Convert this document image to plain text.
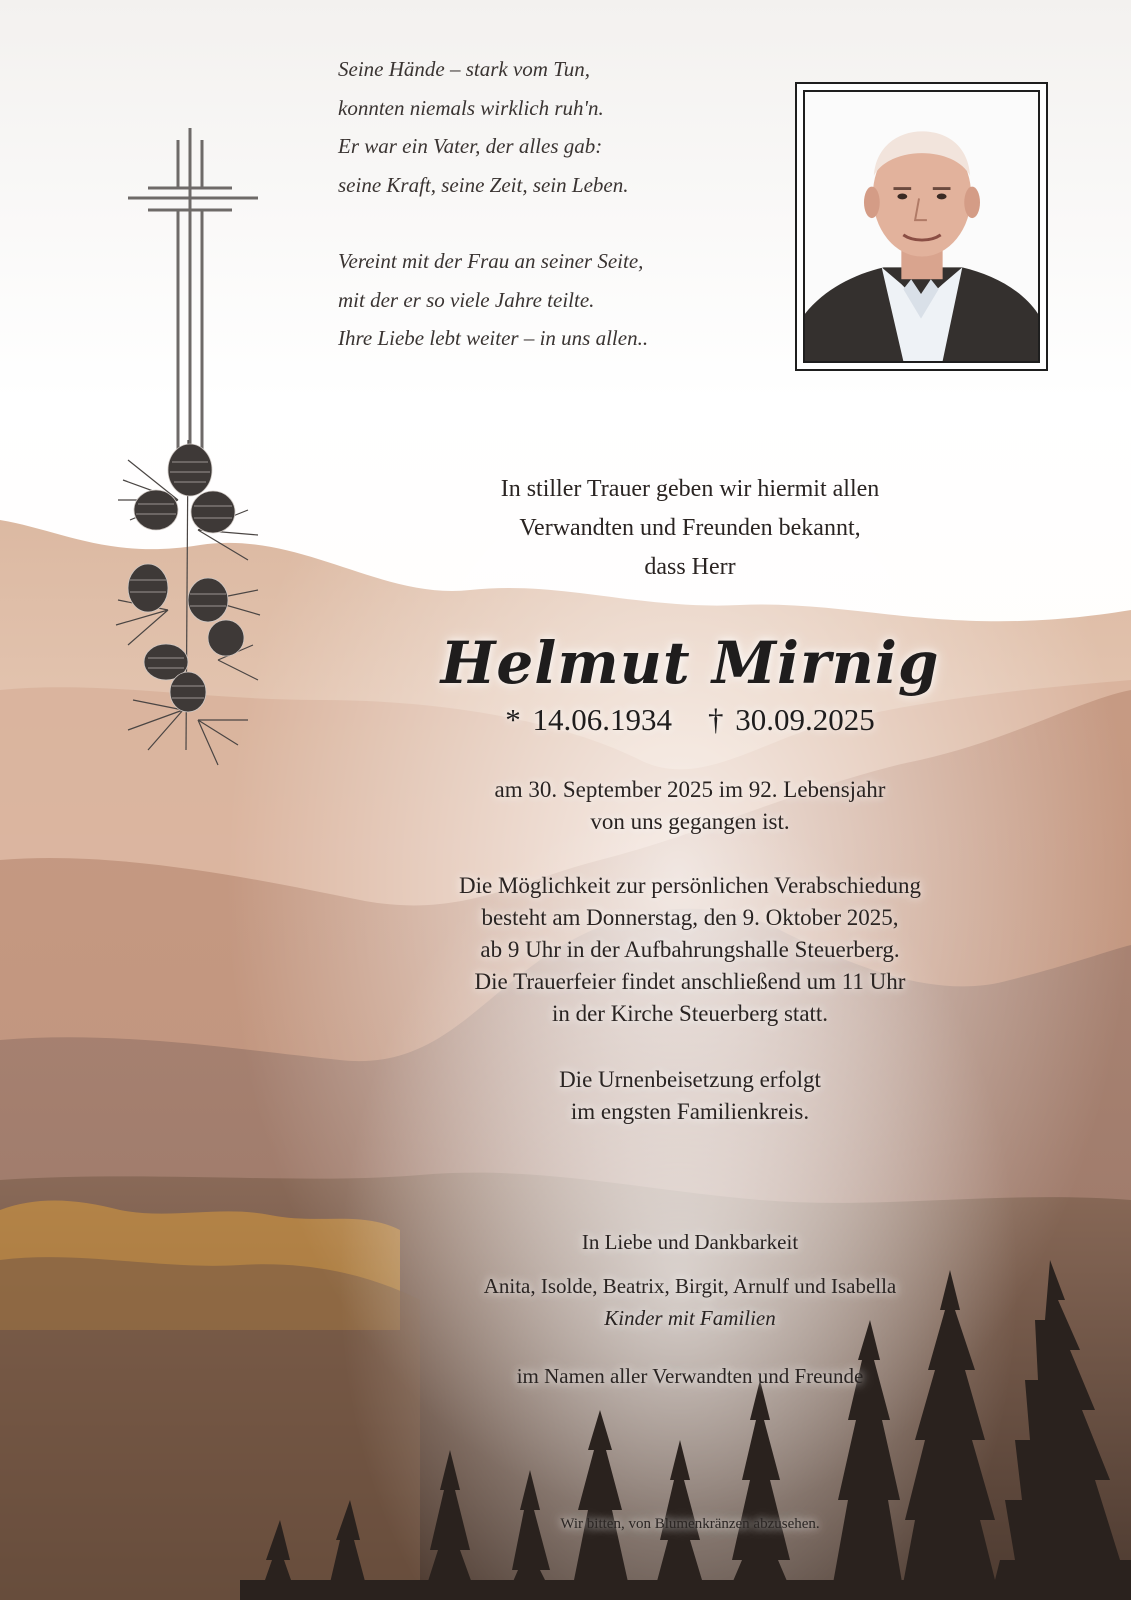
Seine Hände – stark vom Tun,
konnten niemals wirklich ruh'n.
Er war ein Vater, der alles gab:
seine Kraft, seine Zeit, sein Leben.
Vereint mit der Frau an seiner Seite,
mit der er so viele Jahre teilte.
Ihre Liebe lebt weiter – in uns allen..
In stiller Trauer geben wir hiermit allen
Verwandten und Freunden bekannt,
dass Herr
Helmut Mirnig
* 14.06.1934 † 30.09.2025
am 30. September 2025 im 92. Lebensjahr
von uns gegangen ist.
Die Möglichkeit zur persönlichen Verabschiedung
besteht am Donnerstag, den 9. Oktober 2025,
ab 9 Uhr in der Aufbahrungshalle Steuerberg.
Die Trauerfeier findet anschließend um 11 Uhr
in der Kirche Steuerberg statt.
Die Urnenbeisetzung erfolgt
im engsten Familienkreis.
In Liebe und Dankbarkeit
Anita, Isolde, Beatrix, Birgit, Arnulf und Isabella
Kinder mit Familien
im Namen aller Verwandten und Freunde
Wir bitten, von Blumenkränzen abzusehen.
